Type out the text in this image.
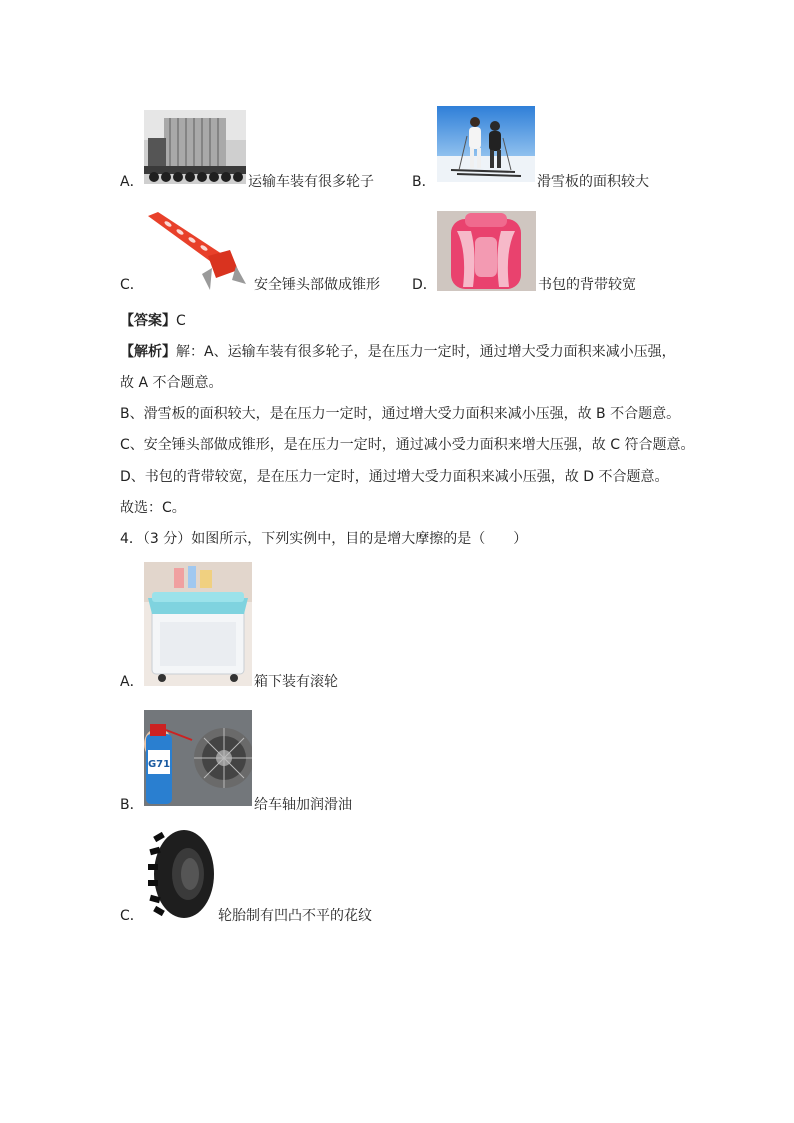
A．	运输车装有很多轮子	B．	滑雪板的面积较大
C．	安全锤头部做成锥形 D．	书包的背带较宽
【答案】C
【解析】解：A、运输车装有很多轮子，是在压力一定时，通过增大受力面积来减小压强，
故 A 不合题意。
B、滑雪板的面积较大，是在压力一定时，通过增大受力面积来减小压强，故 B 不合题意。
C、安全锤头部做成锥形，是在压力一定时，通过减小受力面积来增大压强，故 C 符合题意。
D、书包的背带较宽，是在压力一定时，通过增大受力面积来减小压强，故 D 不合题意。
故选：C。
4．（3 分）如图所示，下列实例中，目的是增大摩擦的是（　　）
A．	箱下装有滚轮
B．
G71
给车轴加润滑油
C．	轮胎制有凹凸不平的花纹
